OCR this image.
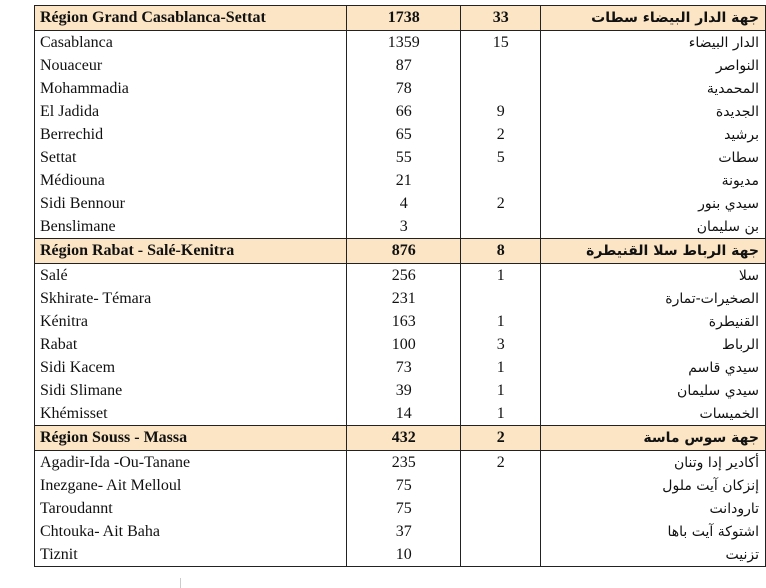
Région Grand Casablanca-Settat	1738	33	جهة الدار البيضاء سطات
Casablanca	1359	15	الدار البيضاء
Nouaceur	87		النواصر
Mohammadia	78		المحمدية
El Jadida	66	9	الجديدة
Berrechid	65	2	برشيد
Settat	55	5	سطات
Médiouna	21		مديونة
Sidi Bennour	4	2	سيدي بنور
Benslimane	3		بن سليمان
Région Rabat - Salé-Kenitra	876	8	جهة الرباط سلا القنيطرة
Salé	256	1	سلا
Skhirate- Témara	231		الصخيرات-تمارة
Kénitra	163	1	القنيطرة
Rabat	100	3	الرباط
Sidi Kacem	73	1	سيدي قاسم
Sidi Slimane	39	1	سيدي سليمان
Khémisset	14	1	الخميسات
Région Souss - Massa	432	2	جهة سوس ماسة
Agadir-Ida -Ou-Tanane	235	2	أكادير إدا وتنان
Inezgane- Ait Melloul	75		إنزكان آيت ملول
Taroudannt	75		تارودانت
Chtouka- Ait Baha	37		اشتوكة آيت باها
Tiznit	10		تزنيت
